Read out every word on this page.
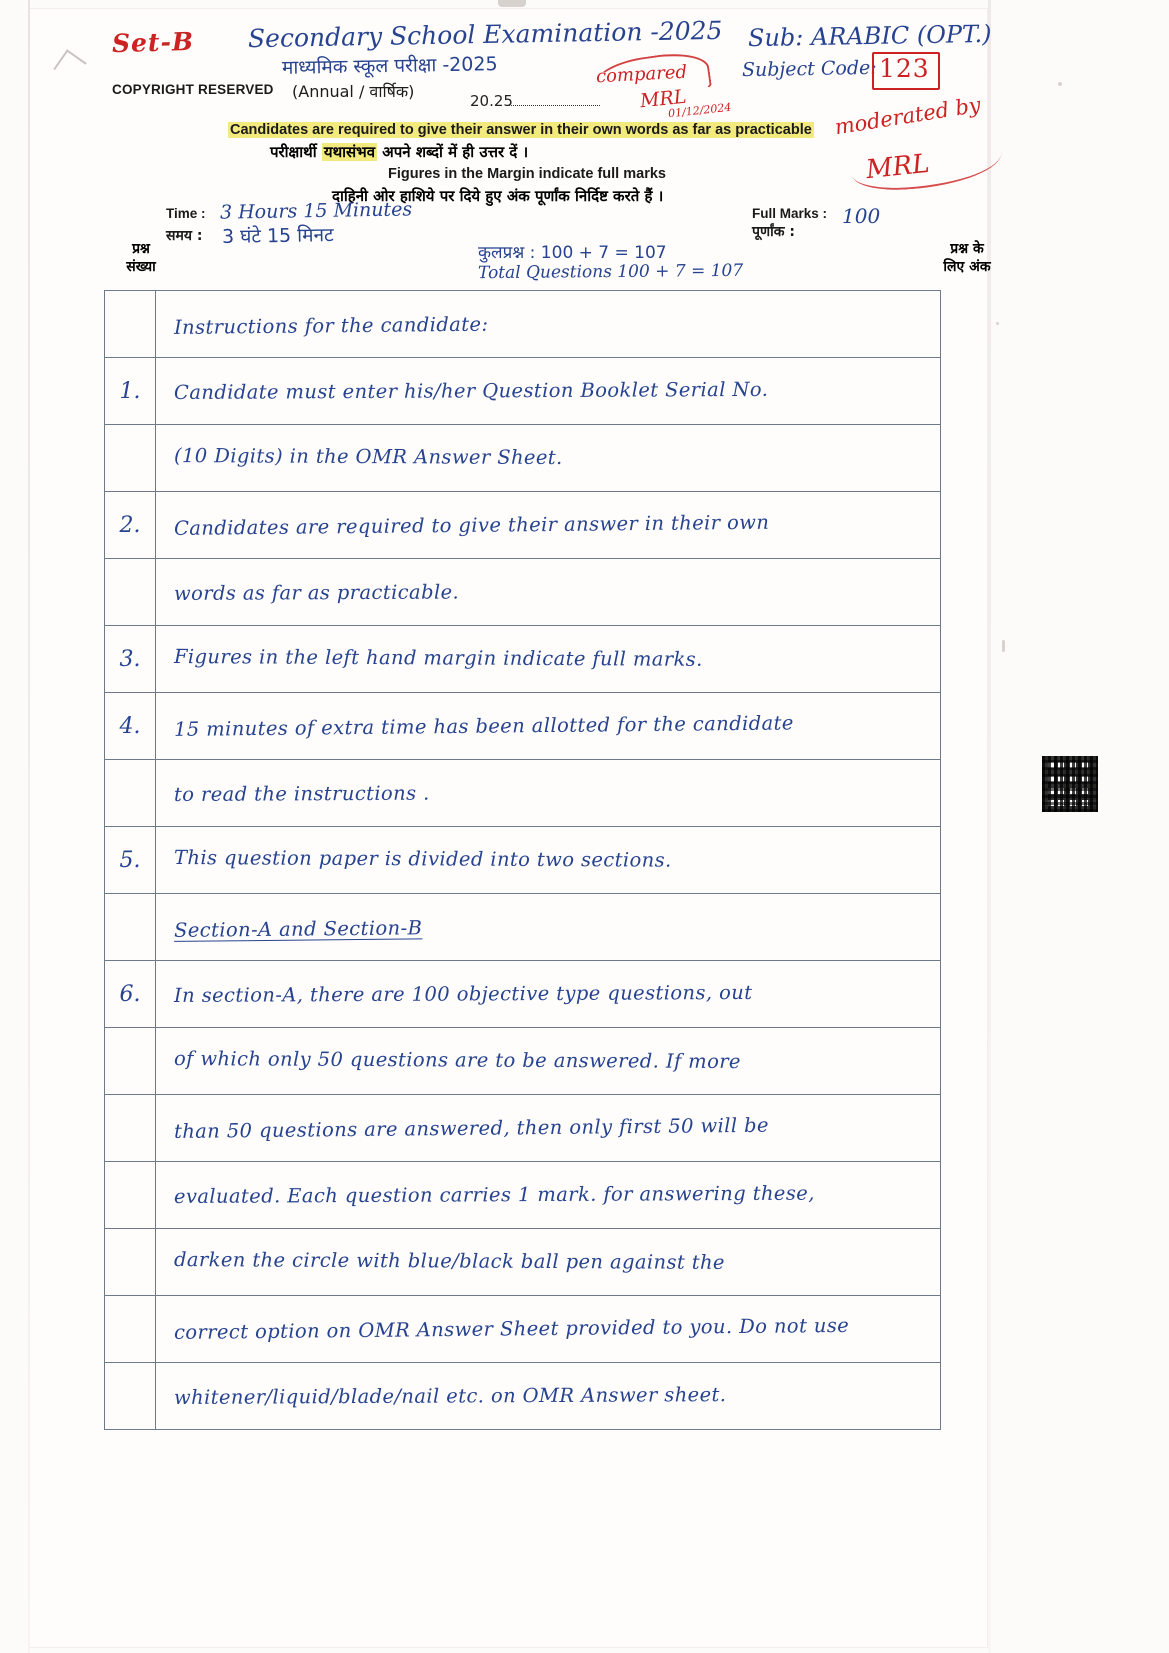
Set-B
COPYRIGHT RESERVED
Secondary School Examination -2025
माध्यमिक स्कूल परीक्षा -2025
(Annual / वार्षिक)	20.25
compared
MRL
01/12/2024
Sub: ARABIC (OPT.)
Subject Code: 123
moderated by
MRL
Candidates are required to give their answer in their own words as far as practicable
परीक्षार्थी यथासंभव अपने शब्दों में ही उत्तर दें ।
Figures in the Margin indicate full marks
दाहिनी ओर हाशिये पर दिये हुए अंक पूर्णांक निर्दिष्ट करते हैं ।
Time :
समय :
3 Hours 15 Minutes
3 घंटे 15 मिनट
Full Marks :
पूर्णांक :
100
प्रश्न
संख्या
प्रश्न के
लिए अंक
कुलप्रश्न : 100 + 7 = 107
Total Questions 100 + 7 = 107
Instructions for the candidate:
1.	Candidate must enter his/her Question Booklet Serial No.
(10 Digits) in the OMR Answer Sheet.
2.	Candidates are required to give their answer in their own
words as far as practicable.
3.	Figures in the left hand margin indicate full marks.
4.	15 minutes of extra time has been allotted for the candidate
to read the instructions .
5.	This question paper is divided into two sections.
Section-A and Section-B
6.	In section-A, there are 100 objective type questions, out
of which only 50 questions are to be answered. If more
than 50 questions are answered, then only first 50 will be
evaluated. Each question carries 1 mark. for answering these,
darken the circle with blue/black ball pen against the
correct option on OMR Answer Sheet provided to you. Do not use
whitener/liquid/blade/nail etc. on OMR Answer sheet.
